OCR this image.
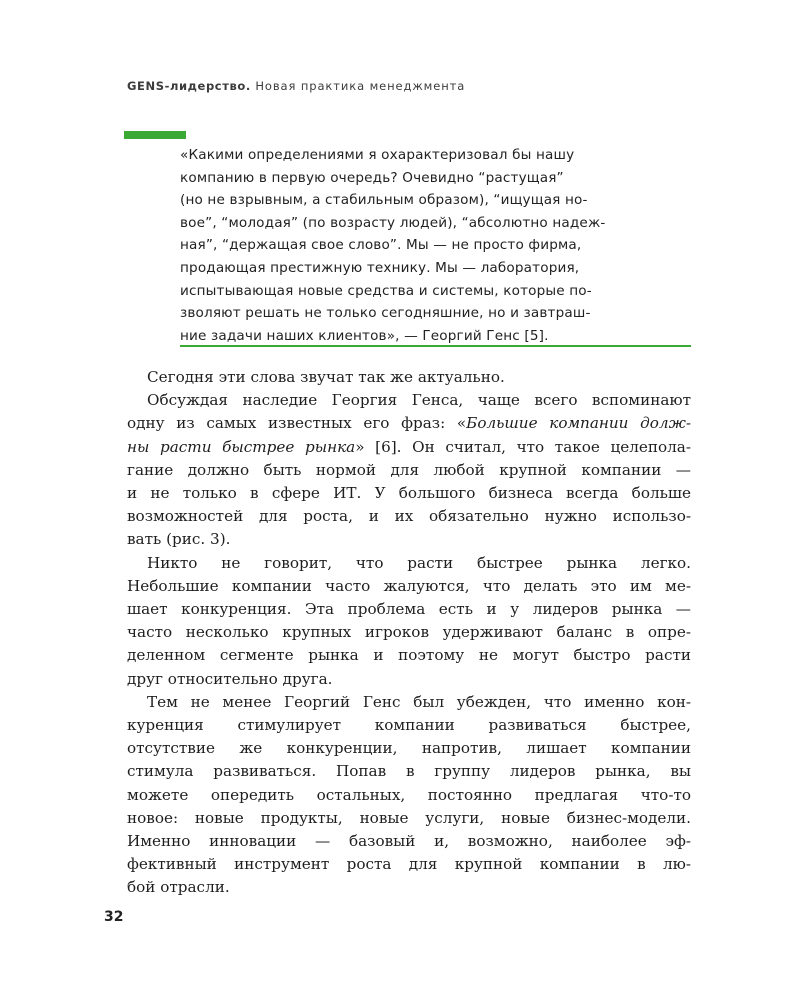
GENS-лидерство. Новая практика менеджмента
«Какими определениями я охарактеризовал бы нашу
компанию в первую очередь? Очевидно “растущая”
(но не взрывным, а стабильным образом), “ищущая но-
вое”, “молодая” (по возрасту людей), “абсолютно надеж-
ная”, “держащая свое слово”. Мы — не просто фирма,
продающая престижную технику. Мы — лаборатория,
испытывающая новые средства и системы, которые по-
зволяют решать не только сегодняшние, но и завтраш-
ние задачи наших клиентов», — Георгий Генс [5].
Сегодня эти слова звучат так же актуально.
Обсуждая наследие Георгия Генса, чаще всего вспоминают
одну из самых известных его фраз: «Большие компании долж-
ны расти быстрее рынка» [6]. Он считал, что такое целепола-
гание должно быть нормой для любой крупной компании —
и не только в сфере ИТ. У большого бизнеса всегда больше
возможностей для роста, и их обязательно нужно использо-
вать (рис. 3).
Никто не говорит, что расти быстрее рынка легко.
Небольшие компании часто жалуются, что делать это им ме-
шает конкуренция. Эта проблема есть и у лидеров рынка —
часто несколько крупных игроков удерживают баланс в опре-
деленном сегменте рынка и поэтому не могут быстро расти
друг относительно друга.
Тем не менее Георгий Генс был убежден, что именно кон-
куренция стимулирует компании развиваться быстрее,
отсутствие же конкуренции, напротив, лишает компании
стимула развиваться. Попав в группу лидеров рынка, вы
можете опередить остальных, постоянно предлагая что-то
новое: новые продукты, новые услуги, новые бизнес-модели.
Именно инновации — базовый и, возможно, наиболее эф-
фективный инструмент роста для крупной компании в лю-
бой отрасли.
32
